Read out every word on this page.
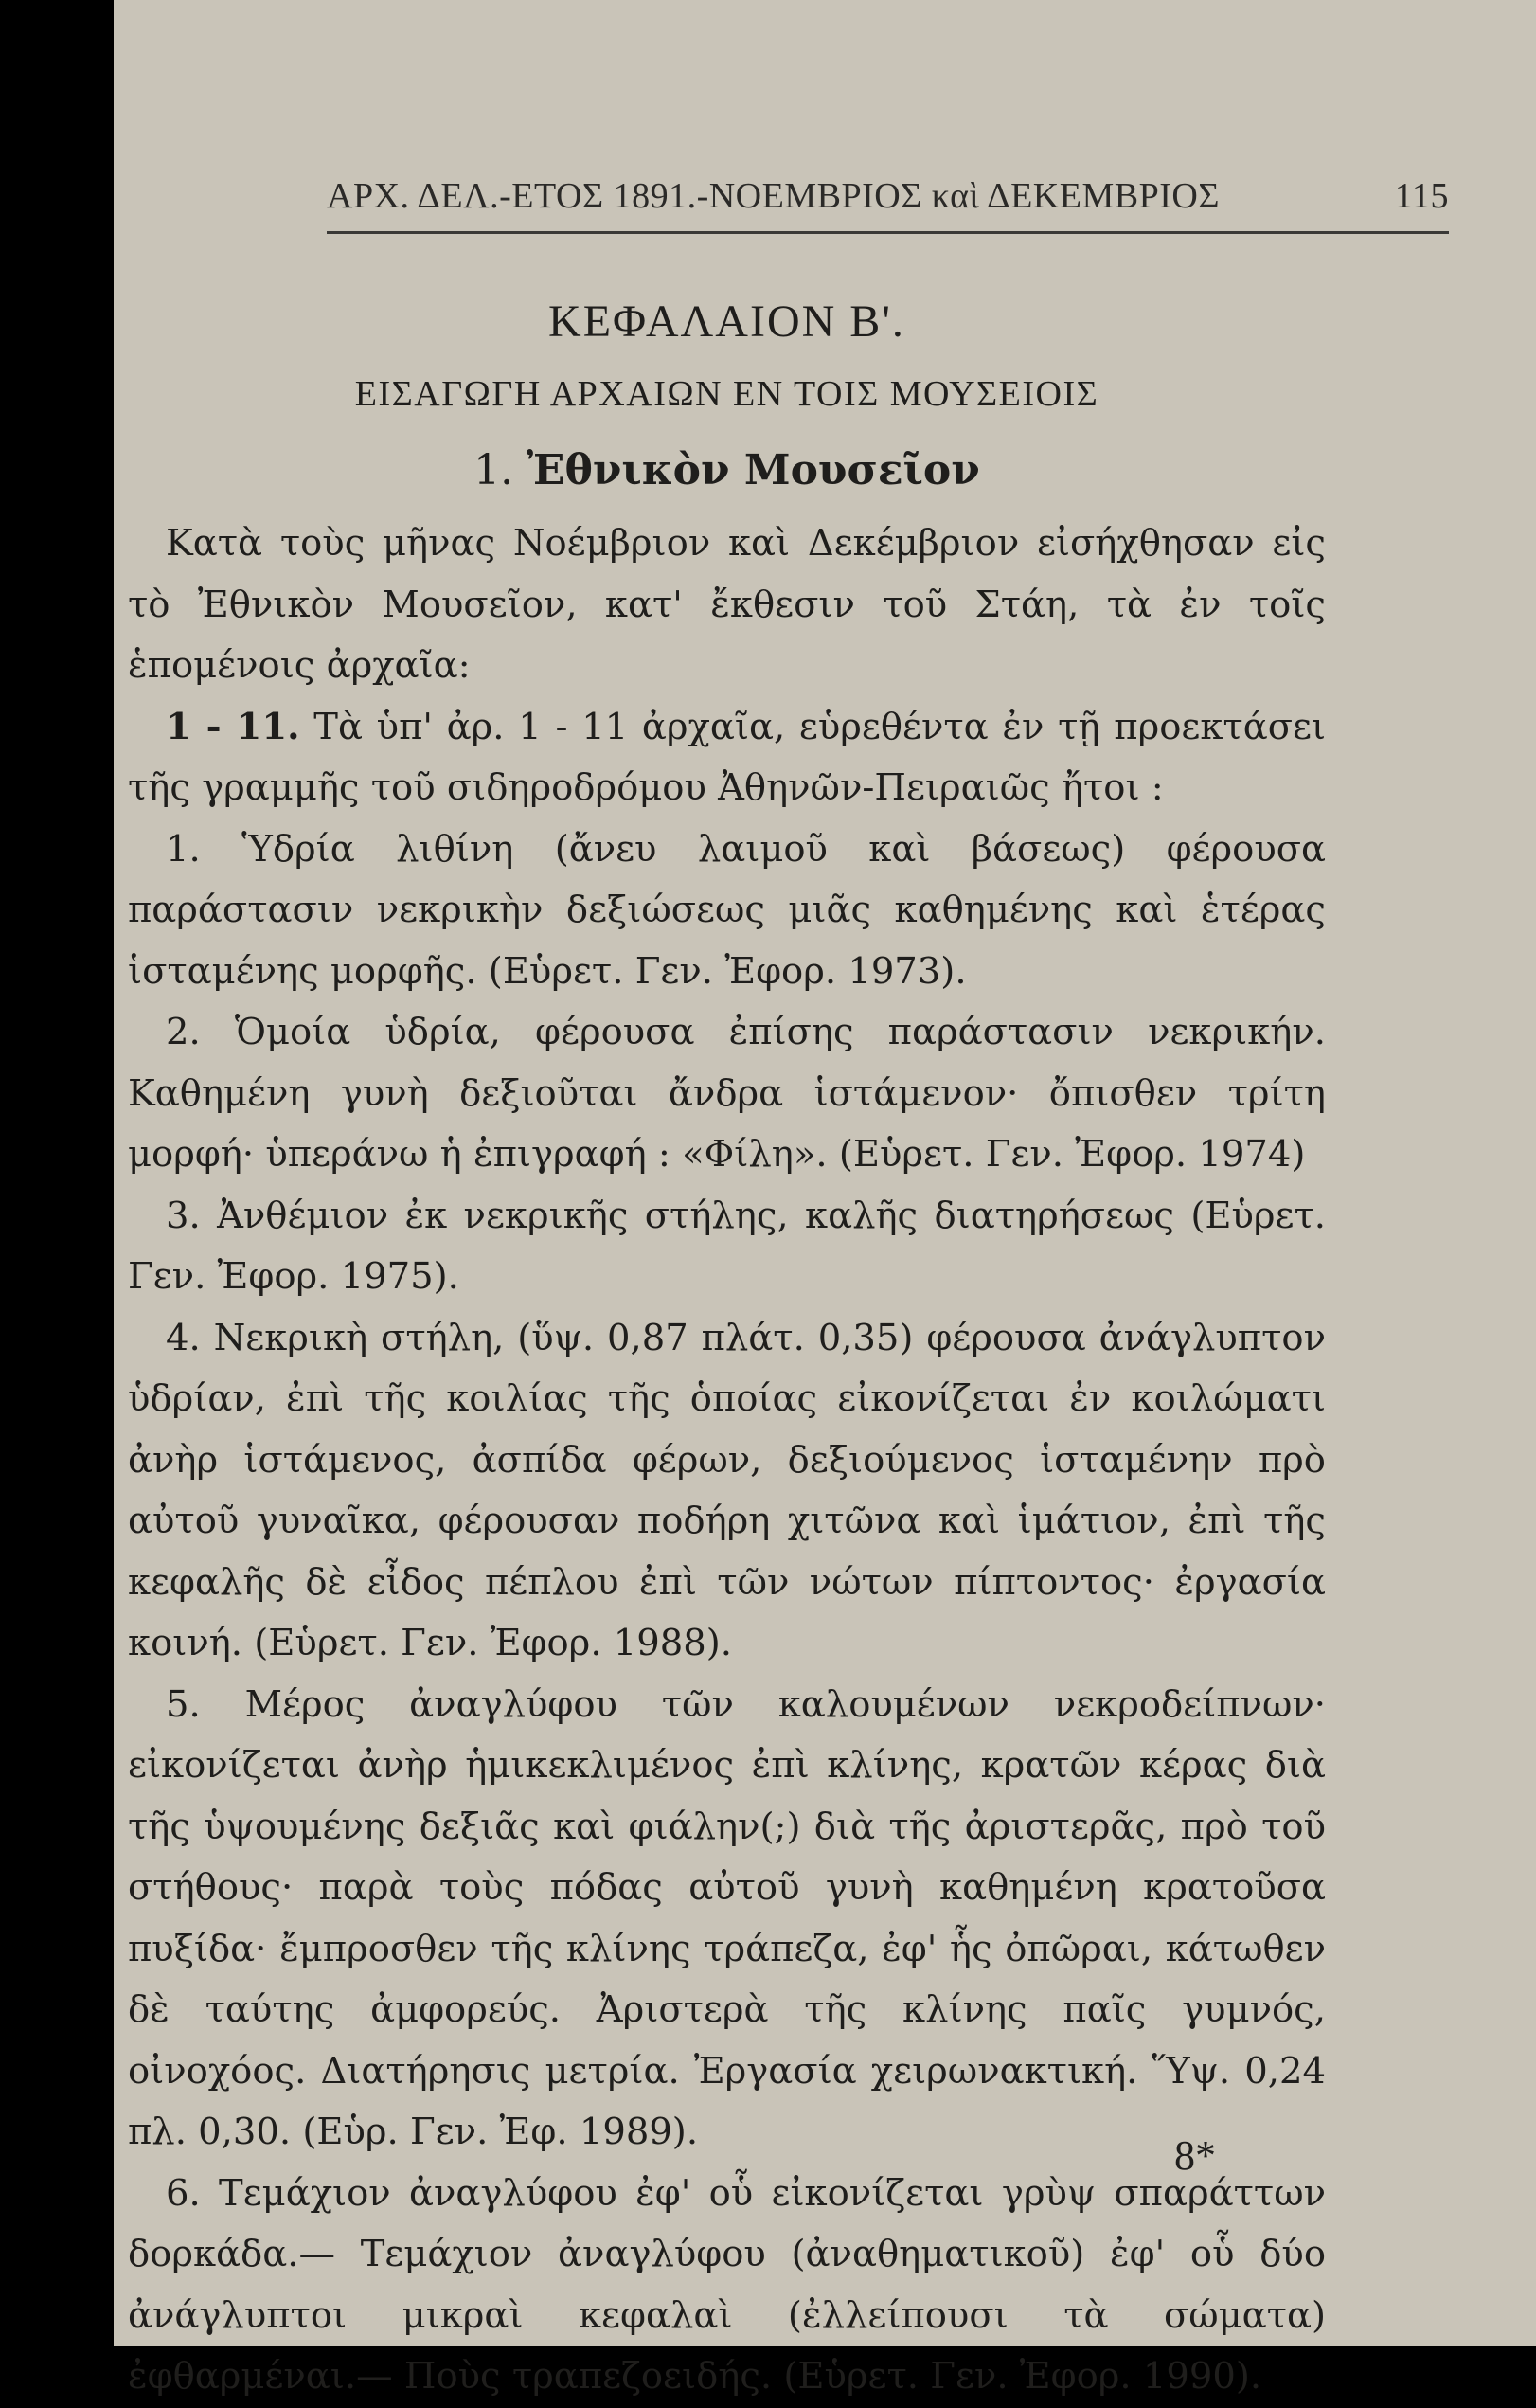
ΑΡΧ. ΔΕΛ.-ΕΤΟΣ 1891.-ΝΟΕΜΒΡΙΟΣ καὶ ΔΕΚΕΜΒΡΙΟΣ	115

ΚΕΦΑΛΑΙΟΝ Β'.

ΕΙΣΑΓΩΓΗ ΑΡΧΑΙΩΝ ΕΝ ΤΟΙΣ ΜΟΥΣΕΙΟΙΣ

1. Ἐθνικὸν Μουσεῖον

Κατὰ τοὺς μῆνας Νοέμβριον καὶ Δεκέμβριον εἰσήχθησαν εἰς τὸ Ἐθνικὸν Μουσεῖον, κατ' ἔκθεσιν τοῦ Στάη, τὰ ἐν τοῖς ἑπομένοις ἀρχαῖα:

1 - 11. Τὰ ὑπ' ἀρ. 1 - 11 ἀρχαῖα, εὑρεθέντα ἐν τῇ προεκτάσει τῆς γραμμῆς τοῦ σιδηροδρόμου Ἀθηνῶν-Πειραιῶς ἤτοι :

1. Ὑδρία λιθίνη (ἄνευ λαιμοῦ καὶ βάσεως) φέρουσα παράστασιν νεκρικὴν δεξιώσεως μιᾶς καθημένης καὶ ἑτέρας ἱσταμένης μορφῆς. (Εὑρετ. Γεν. Ἐφορ. 1973).

2. Ὁμοία ὑδρία, φέρουσα ἐπίσης παράστασιν νεκρικήν. Καθημένη γυνὴ δεξιοῦται ἄνδρα ἱστάμενον· ὄπισθεν τρίτη μορφή· ὑπεράνω ἡ ἐπιγραφή : «Φίλη». (Εὑρετ. Γεν. Ἐφορ. 1974)

3. Ἀνθέμιον ἐκ νεκρικῆς στήλης, καλῆς διατηρήσεως (Εὑρετ. Γεν. Ἐφορ. 1975).

4. Νεκρικὴ στήλη, (ὕψ. 0,87 πλάτ. 0,35) φέρουσα ἀνάγλυπτον ὑδρίαν, ἐπὶ τῆς κοιλίας τῆς ὁποίας εἰκονίζεται ἐν κοιλώματι ἀνὴρ ἱστάμενος, ἀσπίδα φέρων, δεξιούμενος ἱσταμένην πρὸ αὐτοῦ γυναῖκα, φέρουσαν ποδήρη χιτῶνα καὶ ἱμάτιον, ἐπὶ τῆς κεφαλῆς δὲ εἶδος πέπλου ἐπὶ τῶν νώτων πίπτοντος· ἐργασία κοινή. (Εὑρετ. Γεν. Ἐφορ. 1988).

5. Μέρος ἀναγλύφου τῶν καλουμένων νεκροδείπνων· εἰκονίζεται ἀνὴρ ἡμικεκλιμένος ἐπὶ κλίνης, κρατῶν κέρας διὰ τῆς ὑψουμένης δεξιᾶς καὶ φιάλην(;) διὰ τῆς ἀριστερᾶς, πρὸ τοῦ στήθους· παρὰ τοὺς πόδας αὐτοῦ γυνὴ καθημένη κρατοῦσα πυξίδα· ἔμπροσθεν τῆς κλίνης τράπεζα, ἐφ' ἧς ὀπῶραι, κάτωθεν δὲ ταύτης ἀμφορεύς. Ἀριστερὰ τῆς κλίνης παῖς γυμνός, οἰνοχόος. Διατήρησις μετρία. Ἐργασία χειρωνακτική. Ὕψ. 0,24 πλ. 0,30. (Εὑρ. Γεν. Ἐφ. 1989).

6. Τεμάχιον ἀναγλύφου ἐφ' οὗ εἰκονίζεται γρὺψ σπαράττων δορκάδα.— Τεμάχιον ἀναγλύφου (ἀναθηματικοῦ) ἐφ' οὗ δύο ἀνάγλυπτοι μικραὶ κεφαλαὶ (ἐλλείπουσι τὰ σώματα) ἐφθαρμέναι.— Ποὺς τραπεζοειδής. (Εὑρετ. Γεν. Ἐφορ. 1990).

8*
